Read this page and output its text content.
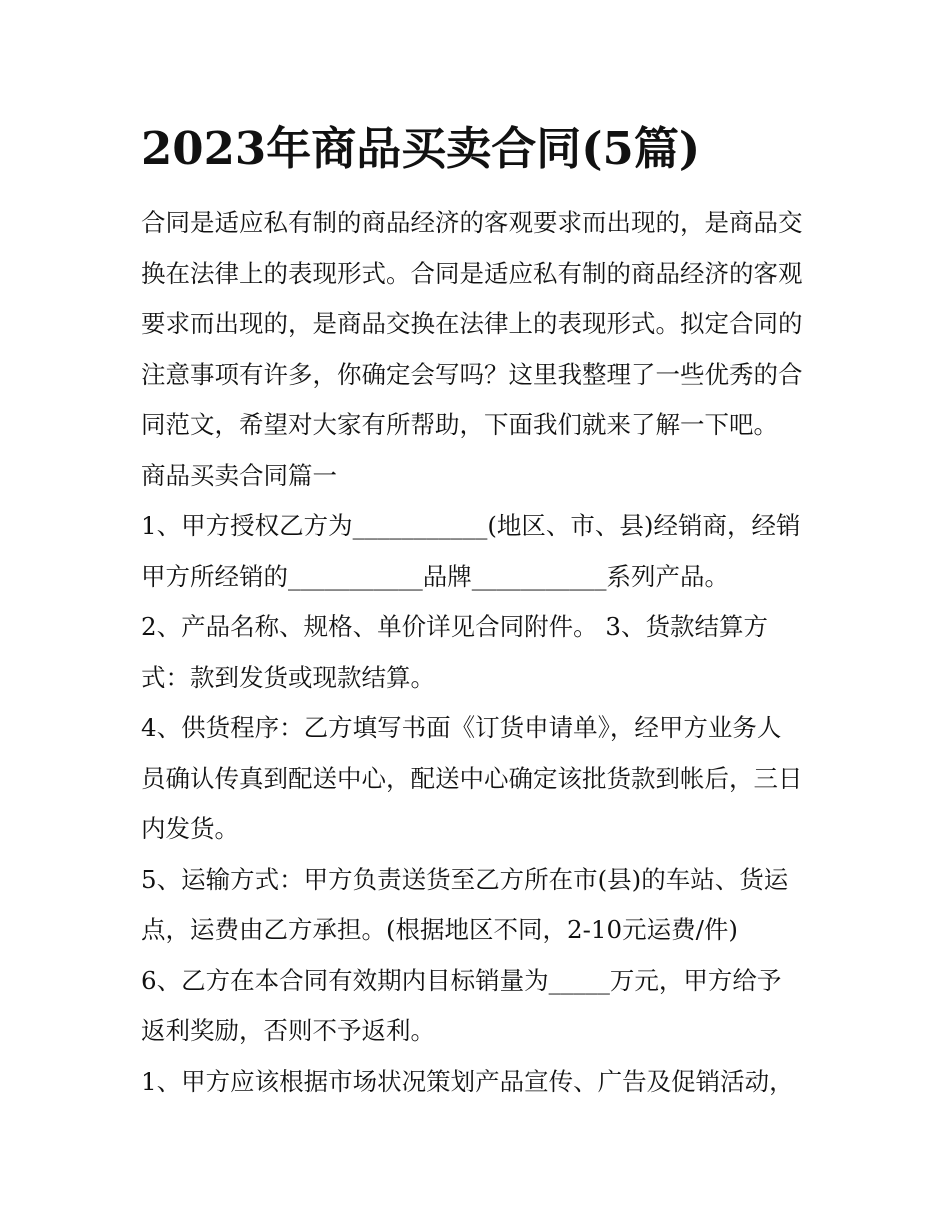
2023年商品买卖合同(5篇)
合同是适应私有制的商品经济的客观要求而出现的，是商品交
换在法律上的表现形式。合同是适应私有制的商品经济的客观
要求而出现的，是商品交换在法律上的表现形式。拟定合同的
注意事项有许多，你确定会写吗？这里我整理了一些优秀的合
同范文，希望对大家有所帮助，下面我们就来了解一下吧。
商品买卖合同篇一
1、甲方授权乙方为___________(地区、市、县)经销商，经销
甲方所经销的___________品牌___________系列产品。
2、产品名称、规格、单价详见合同附件。 3、货款结算方
式：款到发货或现款结算。
4、供货程序：乙方填写书面《订货申请单》，经甲方业务人
员确认传真到配送中心，配送中心确定该批货款到帐后，三日
内发货。
5、运输方式：甲方负责送货至乙方所在市(县)的车站、货运
点，运费由乙方承担。(根据地区不同，2-10元运费/件)
6、乙方在本合同有效期内目标销量为_____万元，甲方给予
返利奖励，否则不予返利。
1、甲方应该根据市场状况策划产品宣传、广告及促销活动，
